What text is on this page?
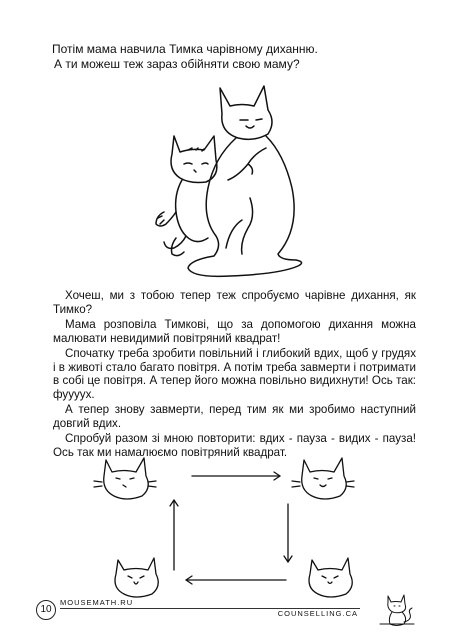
Потім мама навчила Тимка чарівному диханню.

А ти можеш теж зараз обійняти свою маму?

Хочеш, ми з тобою тепер теж спробуємо чарівне дихання, як Тимко?

Мама розповіла Тимкові, що за допомогою дихання можна малювати невидимий повітряний квадрат!

Спочатку треба зробити повільний і глибокий вдих, щоб у грудях і в животі стало багато повітря. А потім треба завмерти і потримати в собі це повітря. А тепер його можна повільно видихнути! Ось так: фуууух.

А тепер знову завмерти, перед тим як ми зробимо наступний довгий вдих.

Спробуй разом зі мною повторити: вдих - пауза - видих - пауза! Ось так ми намалюємо повітряний квадрат.

10
MOUSEMATH.RU
COUNSELLING.CA
